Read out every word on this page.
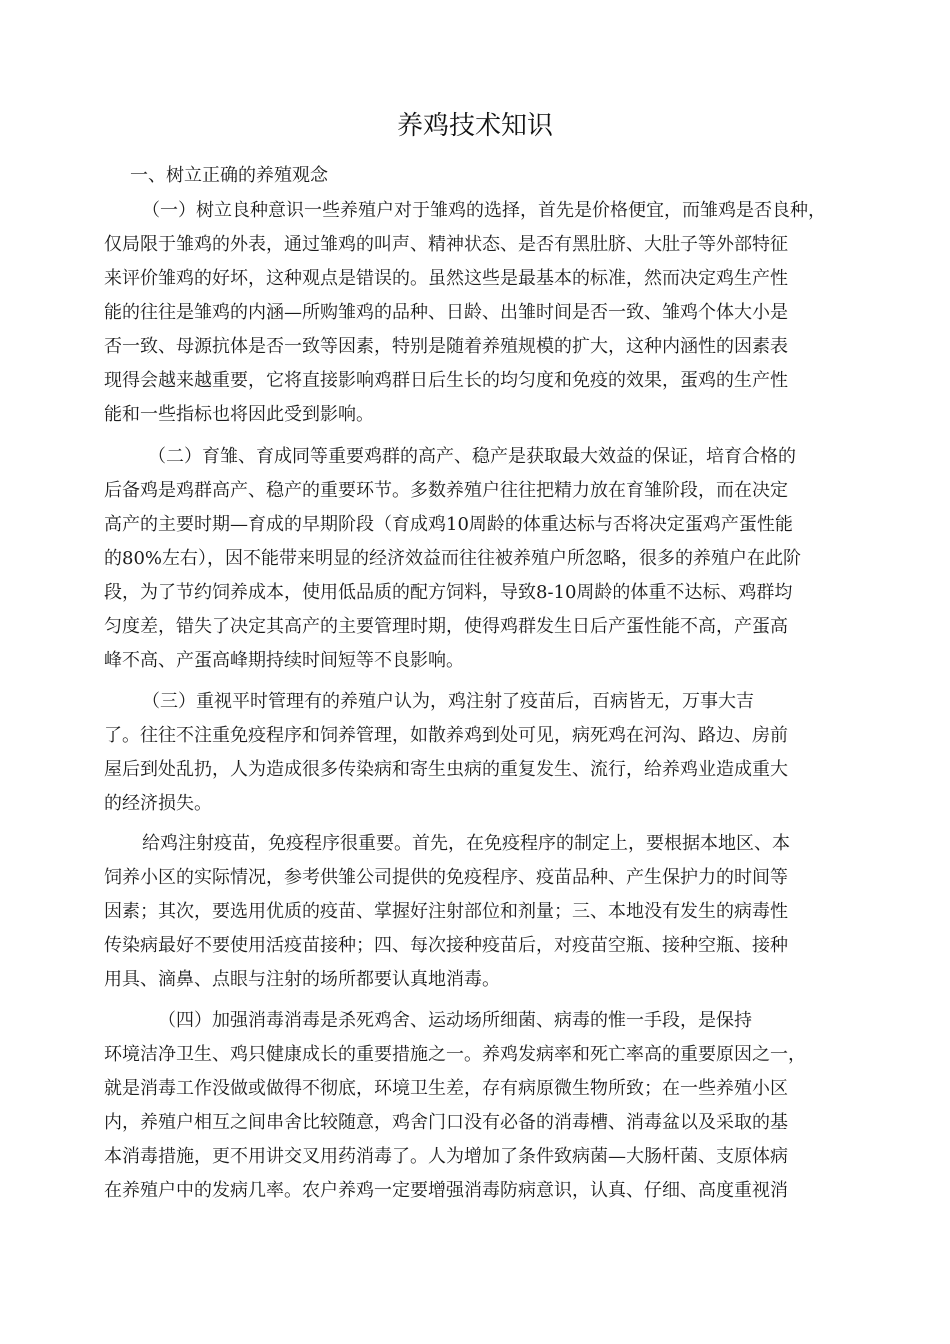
养鸡技术知识
一、树立正确的养殖观念
（一）树立良种意识一些养殖户对于雏鸡的选择，首先是价格便宜，而雏鸡是否良种，
仅局限于雏鸡的外表，通过雏鸡的叫声、精神状态、是否有黑肚脐、大肚子等外部特征
来评价雏鸡的好坏，这种观点是错误的。虽然这些是最基本的标准，然而决定鸡生产性
能的往往是雏鸡的内涵—所购雏鸡的品种、日龄、出雏时间是否一致、雏鸡个体大小是
否一致、母源抗体是否一致等因素，特别是随着养殖规模的扩大，这种内涵性的因素表
现得会越来越重要，它将直接影响鸡群日后生长的均匀度和免疫的效果，蛋鸡的生产性
能和一些指标也将因此受到影响。
（二）育雏、育成同等重要鸡群的高产、稳产是获取最大效益的保证，培育合格的
后备鸡是鸡群高产、稳产的重要环节。多数养殖户往往把精力放在育雏阶段，而在决定
高产的主要时期—育成的早期阶段（育成鸡10周龄的体重达标与否将决定蛋鸡产蛋性能
的80%左右），因不能带来明显的经济效益而往往被养殖户所忽略，很多的养殖户在此阶
段，为了节约饲养成本，使用低品质的配方饲料，导致8-10周龄的体重不达标、鸡群均
匀度差，错失了决定其高产的主要管理时期，使得鸡群发生日后产蛋性能不高，产蛋高
峰不高、产蛋高峰期持续时间短等不良影响。
（三）重视平时管理有的养殖户认为，鸡注射了疫苗后，百病皆无，万事大吉
了。往往不注重免疫程序和饲养管理，如散养鸡到处可见，病死鸡在河沟、路边、房前
屋后到处乱扔，人为造成很多传染病和寄生虫病的重复发生、流行，给养鸡业造成重大
的经济损失。
给鸡注射疫苗，免疫程序很重要。首先，在免疫程序的制定上，要根据本地区、本
饲养小区的实际情况，参考供雏公司提供的免疫程序、疫苗品种、产生保护力的时间等
因素；其次，要选用优质的疫苗、掌握好注射部位和剂量；三、本地没有发生的病毒性
传染病最好不要使用活疫苗接种；四、每次接种疫苗后，对疫苗空瓶、接种空瓶、接种
用具、滴鼻、点眼与注射的场所都要认真地消毒。
（四）加强消毒消毒是杀死鸡舍、运动场所细菌、病毒的惟一手段，是保持
环境洁净卫生、鸡只健康成长的重要措施之一。养鸡发病率和死亡率高的重要原因之一，
就是消毒工作没做或做得不彻底，环境卫生差，存有病原微生物所致；在一些养殖小区
内，养殖户相互之间串舍比较随意，鸡舍门口没有必备的消毒槽、消毒盆以及采取的基
本消毒措施，更不用讲交叉用药消毒了。人为增加了条件致病菌—大肠杆菌、支原体病
在养殖户中的发病几率。农户养鸡一定要增强消毒防病意识，认真、仔细、高度重视消
